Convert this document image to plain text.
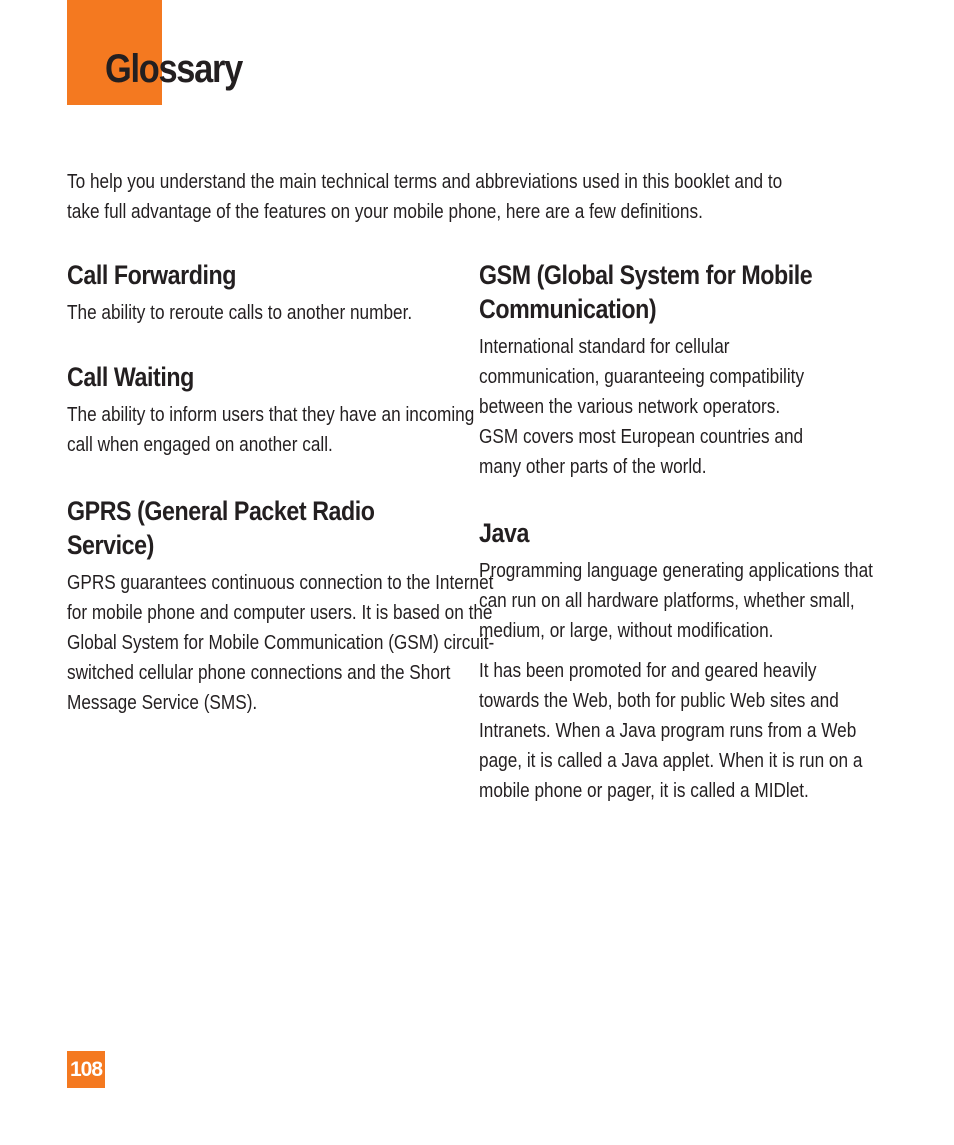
Glossary

To help you understand the main technical terms and abbreviations used in this booklet and to take full advantage of the features on your mobile phone, here are a few definitions.

Call Forwarding

The ability to reroute calls to another number.

Call Waiting

The ability to inform users that they have an incoming call when engaged on another call.

GPRS (General Packet Radio Service)

GPRS guarantees continuous connection to the Internet for mobile phone and computer users. It is based on the Global System for Mobile Communication (GSM) circuit-switched cellular phone connections and the Short Message Service (SMS).

GSM (Global System for Mobile Communication)

International standard for cellular communication, guaranteeing compatibility between the various network operators. GSM covers most European countries and many other parts of the world.

Java

Programming language generating applications that can run on all hardware platforms, whether small, medium, or large, without modification.

It has been promoted for and geared heavily towards the Web, both for public Web sites and Intranets. When a Java program runs from a Web page, it is called a Java applet. When it is run on a mobile phone or pager, it is called a MIDlet.

108
